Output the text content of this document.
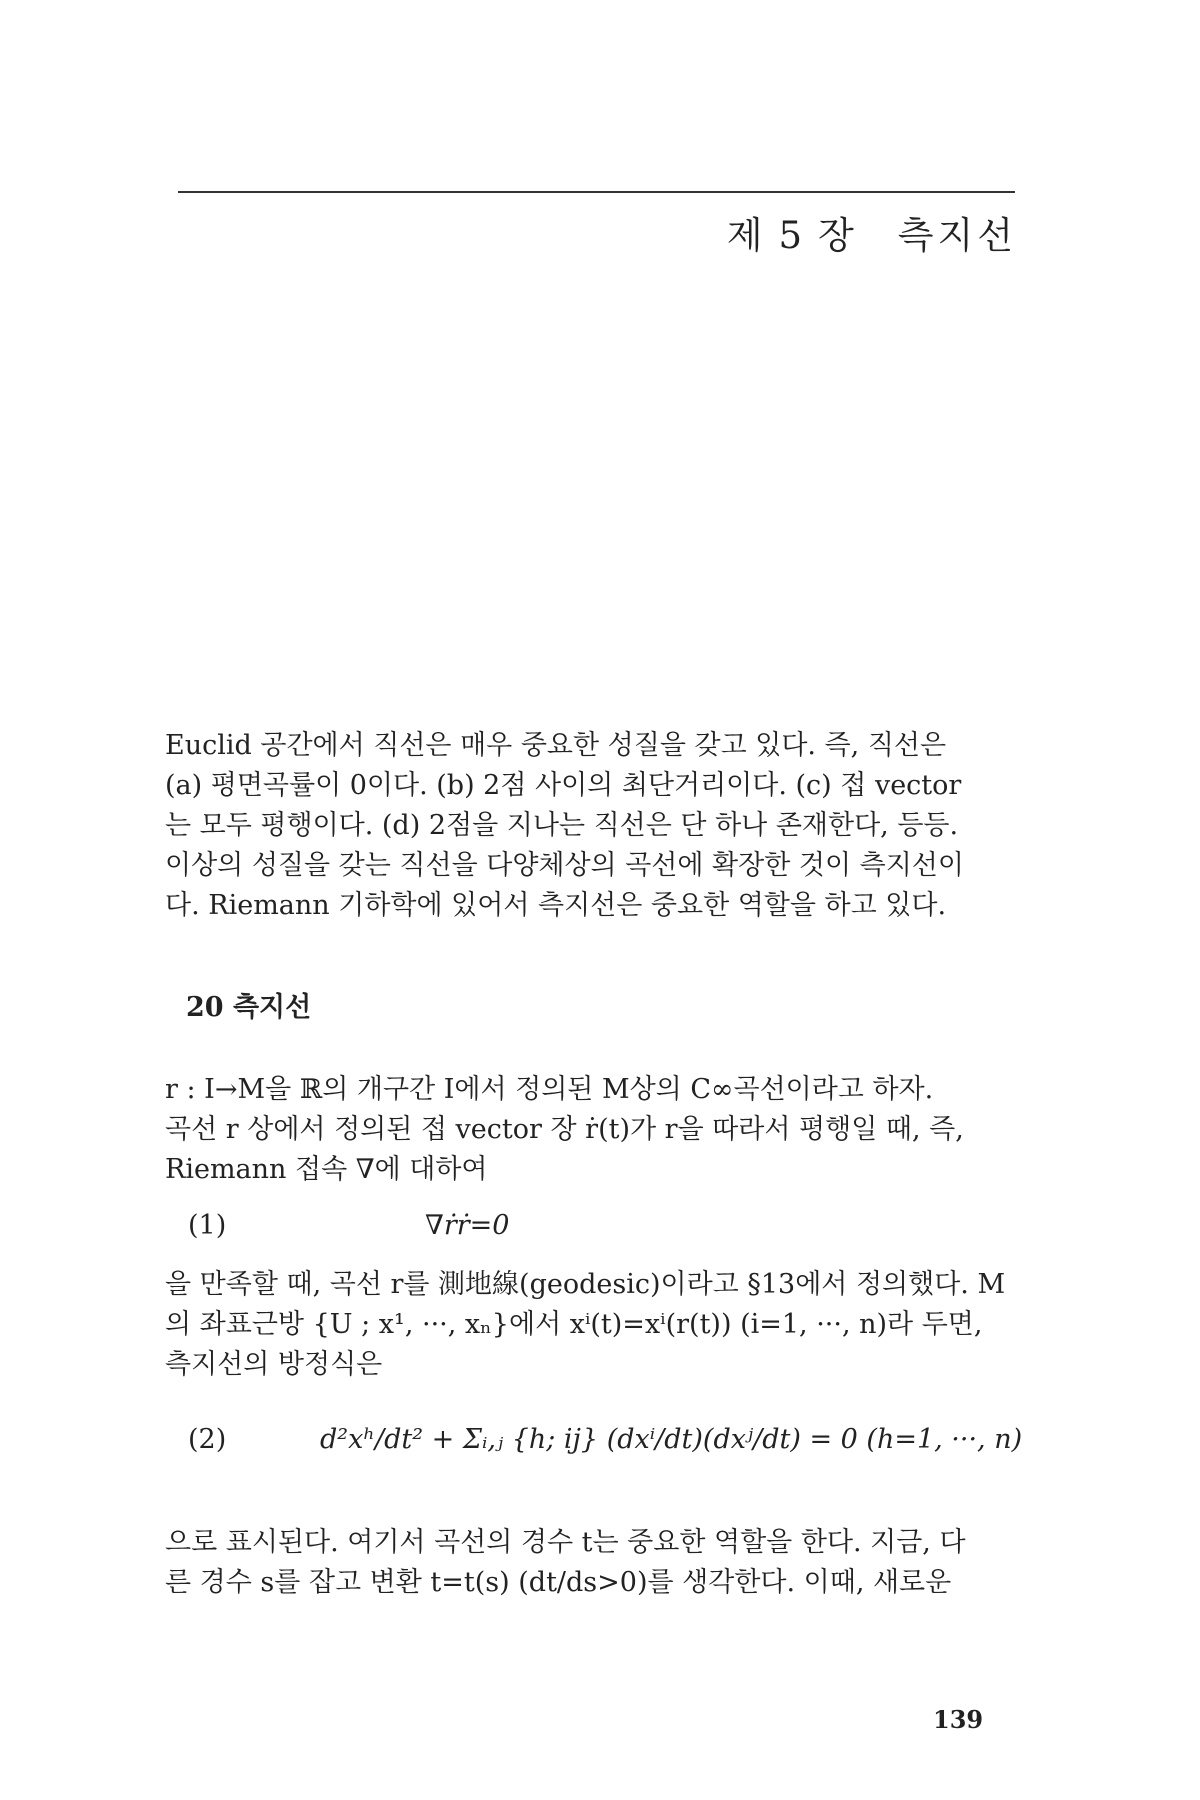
제 5 장 측지선
Euclid 공간에서 직선은 매우 중요한 성질을 갖고 있다. 즉, 직선은
(a) 평면곡률이 0이다. (b) 2점 사이의 최단거리이다. (c) 접 vector
는 모두 평행이다. (d) 2점을 지나는 직선은 단 하나 존재한다, 등등.
이상의 성질을 갖는 직선을 다양체상의 곡선에 확장한 것이 측지선이
다. Riemann 기하학에 있어서 측지선은 중요한 역할을 하고 있다.
20 측지선
r : I→M을 ℝ의 개구간 I에서 정의된 M상의 C∞곡선이라고 하자.
곡선 r 상에서 정의된 접 vector 장 ṙ(t)가 r을 따라서 평행일 때, 즉,
Riemann 접속 ∇에 대하여
(1)	∇ṙṙ=0
을 만족할 때, 곡선 r를 測地線(geodesic)이라고 §13에서 정의했다. M
의 좌표근방 {U ; x¹, ···, xₙ}에서 xⁱ(t)=xⁱ(r(t)) (i=1, ···, n)라 두면,
측지선의 방정식은
(2)	d²xʰ/dt² + Σᵢ,ⱼ {h; ij} (dxⁱ/dt)(dxʲ/dt) = 0 (h=1, ···, n)
으로 표시된다. 여기서 곡선의 경수 t는 중요한 역할을 한다. 지금, 다
른 경수 s를 잡고 변환 t=t(s) (dt/ds>0)를 생각한다. 이때, 새로운
139
